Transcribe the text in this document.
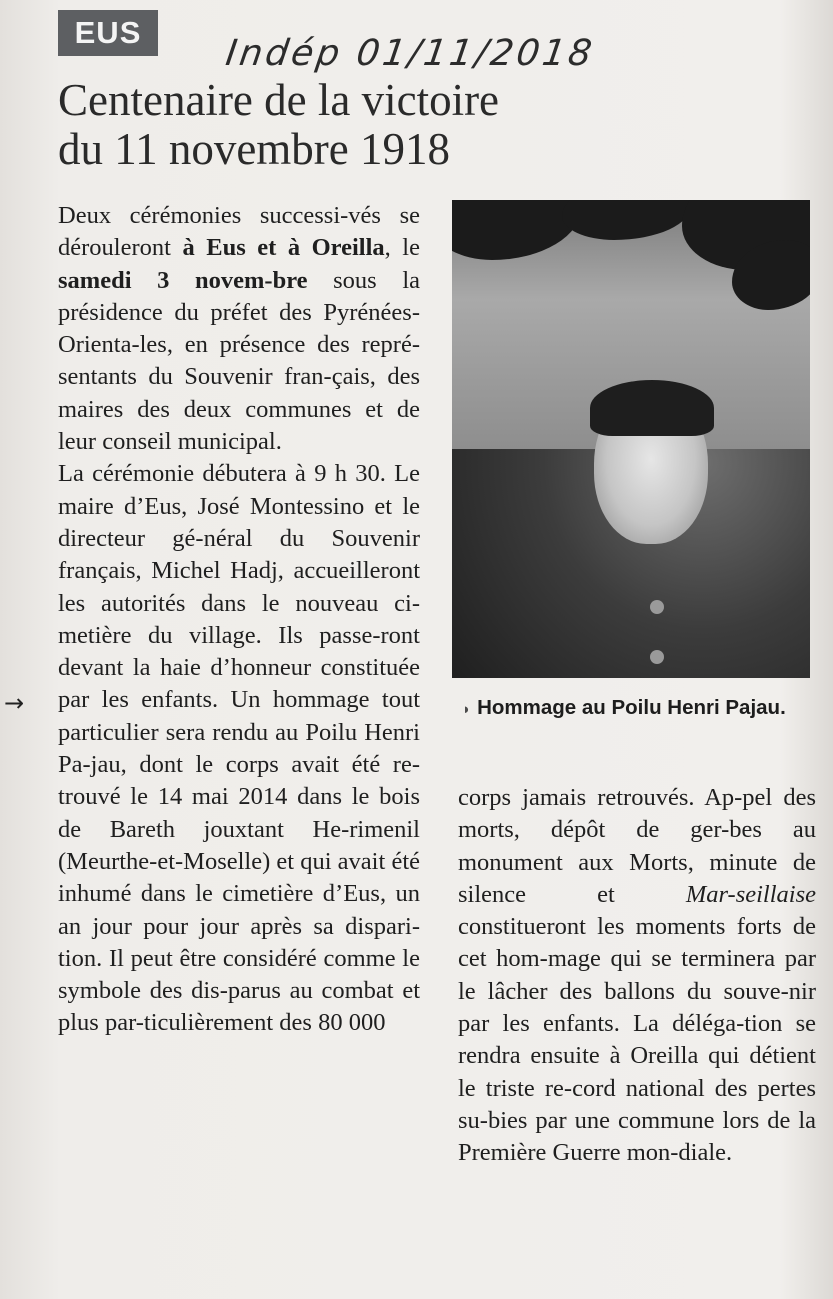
EUS
Indép 01/11/2018
Centenaire de la victoire
du 11 novembre 1918

Deux cérémonies successi-vés se dérouleront à Eus et à Oreilla, le samedi 3 novem-bre sous la présidence du préfet des Pyrénées-Orienta-les, en présence des repré-sentants du Souvenir fran-çais, des maires des deux communes et de leur conseil municipal.

La cérémonie débutera à 9 h 30. Le maire d’Eus, José Montessino et le directeur gé-néral du Souvenir français, Michel Hadj, accueilleront les autorités dans le nouveau ci-metière du village. Ils passe-ront devant la haie d’honneur constituée par les enfants. Un hommage tout particulier sera rendu au Poilu Henri Pa-jau, dont le corps avait été re-trouvé le 14 mai 2014 dans le bois de Bareth jouxtant He-rimenil (Meurthe-et-Moselle) et qui avait été inhumé dans le cimetière d’Eus, un an jour pour jour après sa dispari-tion. Il peut être considéré comme le symbole des dis-parus au combat et plus par-ticulièrement des 80 000

◗ Hommage au Poilu Henri Pajau.

corps jamais retrouvés. Ap-pel des morts, dépôt de ger-bes au monument aux Morts, minute de silence et Mar-seillaise constitueront les moments forts de cet hom-mage qui se terminera par le lâcher des ballons du souve-nir par les enfants. La déléga-tion se rendra ensuite à Oreilla qui détient le triste re-cord national des pertes su-bies par une commune lors de la Première Guerre mon-diale.

→
